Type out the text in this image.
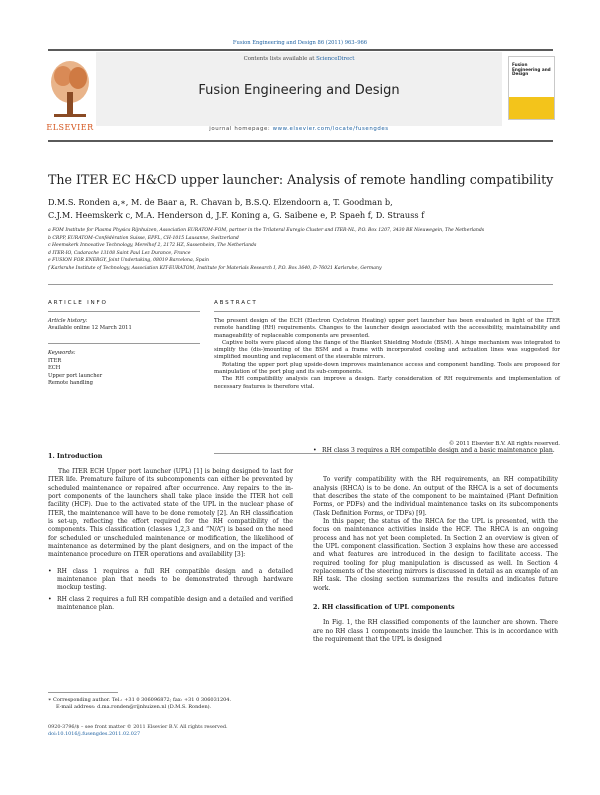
Fusion Engineering and Design 86 (2011) 963–966
Contents lists available at ScienceDirect
Fusion Engineering and Design
ELSEVIER
Fusion Engineering and Design
journal homepage: www.elsevier.com/locate/fusengdes
The ITER EC H&CD upper launcher: Analysis of remote handling compatibility
D.M.S. Ronden a,∗, M. de Baar a, R. Chavan b, B.S.Q. Elzendoorn a, T. Goodman b,
C.J.M. Heemskerk c, M.A. Henderson d, J.F. Koning a, G. Saibene e, P. Spaeh f, D. Strauss f
a FOM Institute for Plasma Physics Rijnhuizen, Association EURATOM-FOM, partner in the Trilateral Euregio Cluster and ITER-NL, P.O. Box 1207, 3430 BE Nieuwegein, The Netherlands
b CRPP, EURATOM–Confédération Suisse, EPFL, CH-1015 Lausanne, Switzerland
c Heemskerk Innovative Technology, Merelhof 2, 2172 HZ, Sassenheim, The Netherlands
d ITER-IO, Cadarache 13108 Saint Paul Lez Durance, France
e FUSION FOR ENERGY, Joint Undertaking, 08019 Barcelona, Spain
f Karlsruhe Institute of Technology, Association KIT-EURATOM, Institute for Materials Research I, P.O. Box 3640, D-76021 Karlsruhe, Germany
ARTICLE INFO	ABSTRACT
Article history:
Available online 12 March 2011
Keywords:
ITER
ECH
Upper port launcher
Remote handling

The present design of the ECH (Electron Cyclotron Heating) upper port launcher has been evaluated in light of the ITER remote handling (RH) requirements. Changes to the launcher design associated with the accessibility, maintainability and manageability of replaceable components are presented.

Captive bolts were placed along the flange of the Blanket Shielding Module (BSM). A hinge mechanism was integrated to simplify the (dis-)mounting of the BSM and a frame with incorporated cooling and actuation lines was suggested for simplified mounting and replacement of the steerable mirrors.

Rotating the upper port plug upside-down improves maintenance access and component handling. Tools are proposed for manipulation of the port plug and its sub-components.

The RH compatibility analysis can improve a design. Early consideration of RH requirements and implementation of necessary features is therefore vital.

© 2011 Elsevier B.V. All rights reserved.
1. Introduction

The ITER ECH Upper port launcher (UPL) [1] is being designed to last for ITER life. Premature failure of its subcomponents can either be prevented by scheduled maintenance or repaired after occurrence. Any repairs to the in-port components of the launchers shall take place inside the ITER hot cell facility (HCF). Due to the activated state of the UPL in the nuclear phase of ITER, the maintenance will have to be done remotely [2]. An RH classification is set-up, reflecting the effort required for the RH compatibility of the components. This classification (classes 1,2,3 and “N/A”) is based on the need for scheduled or unscheduled maintenance or modification, the likelihood of maintenance as determined by the plant designers, and on the impact of the maintenance procedure on ITER operations and availability [3]:

• RH class 1 requires a full RH compatible design and a detailed maintenance plan that needs to be demonstrated through hardware mockup testing.
• RH class 2 requires a full RH compatible design and a detailed and verified maintenance plan.
• RH class 3 requires a RH compatible design and a basic maintenance plan.

To verify compatibility with the RH requirements, an RH compatibility analysis (RHCA) is to be done. An output of the RHCA is a set of documents that describes the state of the component to be maintained (Plant Definition Forms, or PDFs) and the individual maintenance tasks on its subcomponents (Task Definition Forms, or TDFs) [9].

In this paper, the status of the RHCA for the UPL is presented, with the focus on maintenance activities inside the HCF. The RHCA is an ongoing process and has not yet been completed. In Section 2 an overview is given of the UPL component classification. Section 3 explains how these are accessed and what features are introduced in the design to facilitate access. The required tooling for plug manipulation is discussed as well. In Section 4 replacements of the steering mirrors is discussed in detail as an example of an RH task. The closing section summarizes the results and indicates future work.

2. RH classification of UPL components

In Fig. 1, the RH classified components of the launcher are shown. There are no RH class 1 components inside the launcher. This is in accordance with the requirement that the UPL is designed

∗ Corresponding author. Tel.: +31 0 306096872; fax: +31 0 306031204.
E-mail address: d.ma.ronden@rijnhuizen.nl (D.M.S. Ronden).
0920-3796/$ – see front matter © 2011 Elsevier B.V. All rights reserved.
doi:10.1016/j.fusengdes.2011.02.027
